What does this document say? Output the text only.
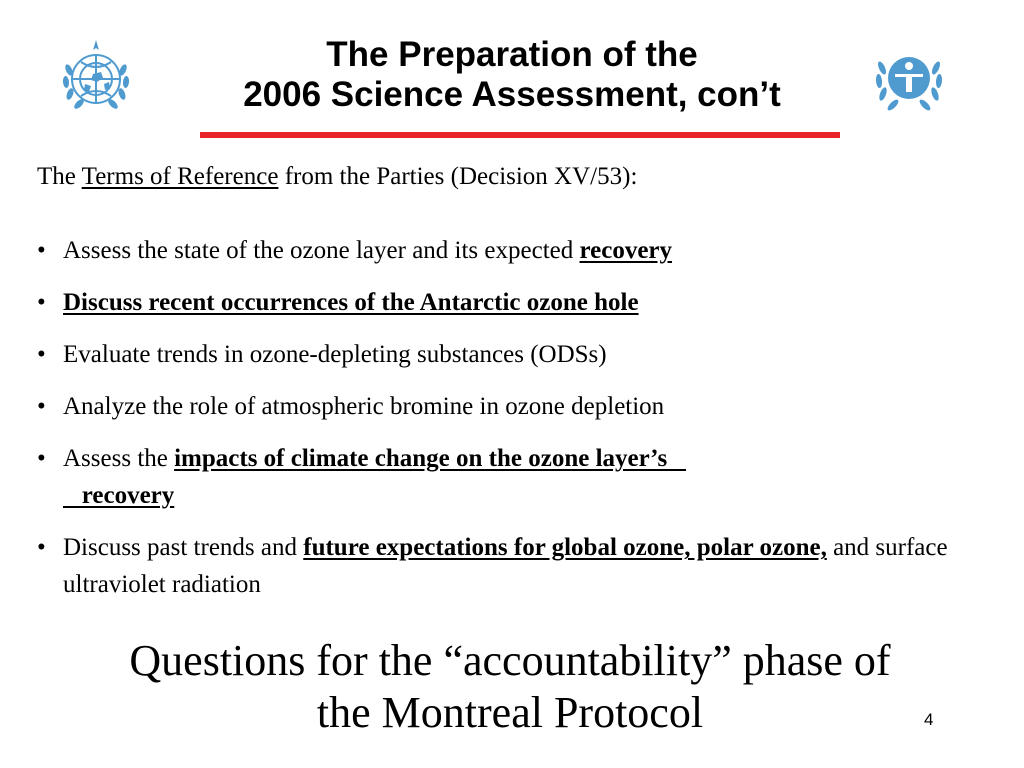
The Preparation of the
2006 Science Assessment, con’t
The Terms of Reference from the Parties (Decision XV/53):
• Assess the state of the ozone layer and its expected recovery
• Discuss recent occurrences of the Antarctic ozone hole
• Evaluate trends in ozone-depleting substances (ODSs)
• Analyze the role of atmospheric bromine in ozone depletion
• Assess the impacts of climate change on the ozone layer’s
recovery
• Discuss past trends and future expectations for global ozone, polar ozone, and surface ultraviolet radiation
Questions for the “accountability” phase of
the Montreal Protocol	4
